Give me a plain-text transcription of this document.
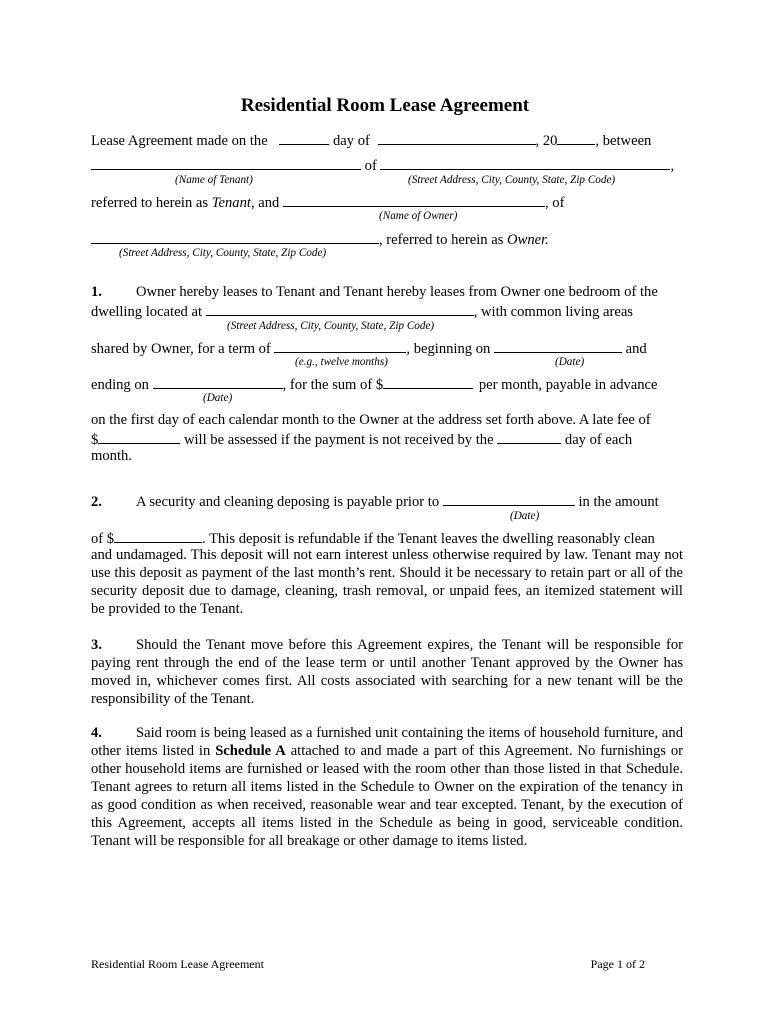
Residential Room Lease Agreement
Lease Agreement made on the	day of	, 20	, between
of	,
(Name of Tenant)	(Street Address, City, County, State, Zip Code)
referred to herein as Tenant, and	, of
(Name of Owner)
, referred to herein as Owner.
(Street Address, City, County, State, Zip Code)
1. Owner hereby leases to Tenant and Tenant hereby leases from Owner one bedroom of the
dwelling located at	, with common living areas
(Street Address, City, County, State, Zip Code)
shared by Owner, for a term of	, beginning on	and
(e.g., twelve months)	(Date)
ending on	, for the sum of $	per month, payable in advance
(Date)
on the first day of each calendar month to the Owner at the address set forth above. A late fee of
$	will be assessed if the payment is not received by the	day of each
month.
2. A security and cleaning deposing is payable prior to	in the amount
(Date)
of $	. This deposit is refundable if the Tenant leaves the dwelling reasonably clean
and undamaged. This deposit will not earn interest unless otherwise required by law. Tenant may not use this deposit as payment of the last month’s rent. Should it be necessary to retain part or all of the security deposit due to damage, cleaning, trash removal, or unpaid fees, an itemized statement will be provided to the Tenant.
3. Should the Tenant move before this Agreement expires, the Tenant will be responsible for paying rent through the end of the lease term or until another Tenant approved by the Owner has moved in, whichever comes first. All costs associated with searching for a new tenant will be the responsibility of the Tenant.
4. Said room is being leased as a furnished unit containing the items of household furniture, and other items listed in Schedule A attached to and made a part of this Agreement. No furnishings or other household items are furnished or leased with the room other than those listed in that Schedule. Tenant agrees to return all items listed in the Schedule to Owner on the expiration of the tenancy in as good condition as when received, reasonable wear and tear excepted. Tenant, by the execution of this Agreement, accepts all items listed in the Schedule as being in good, serviceable condition. Tenant will be responsible for all breakage or other damage to items listed.
Residential Room Lease Agreement	Page 1 of 2
